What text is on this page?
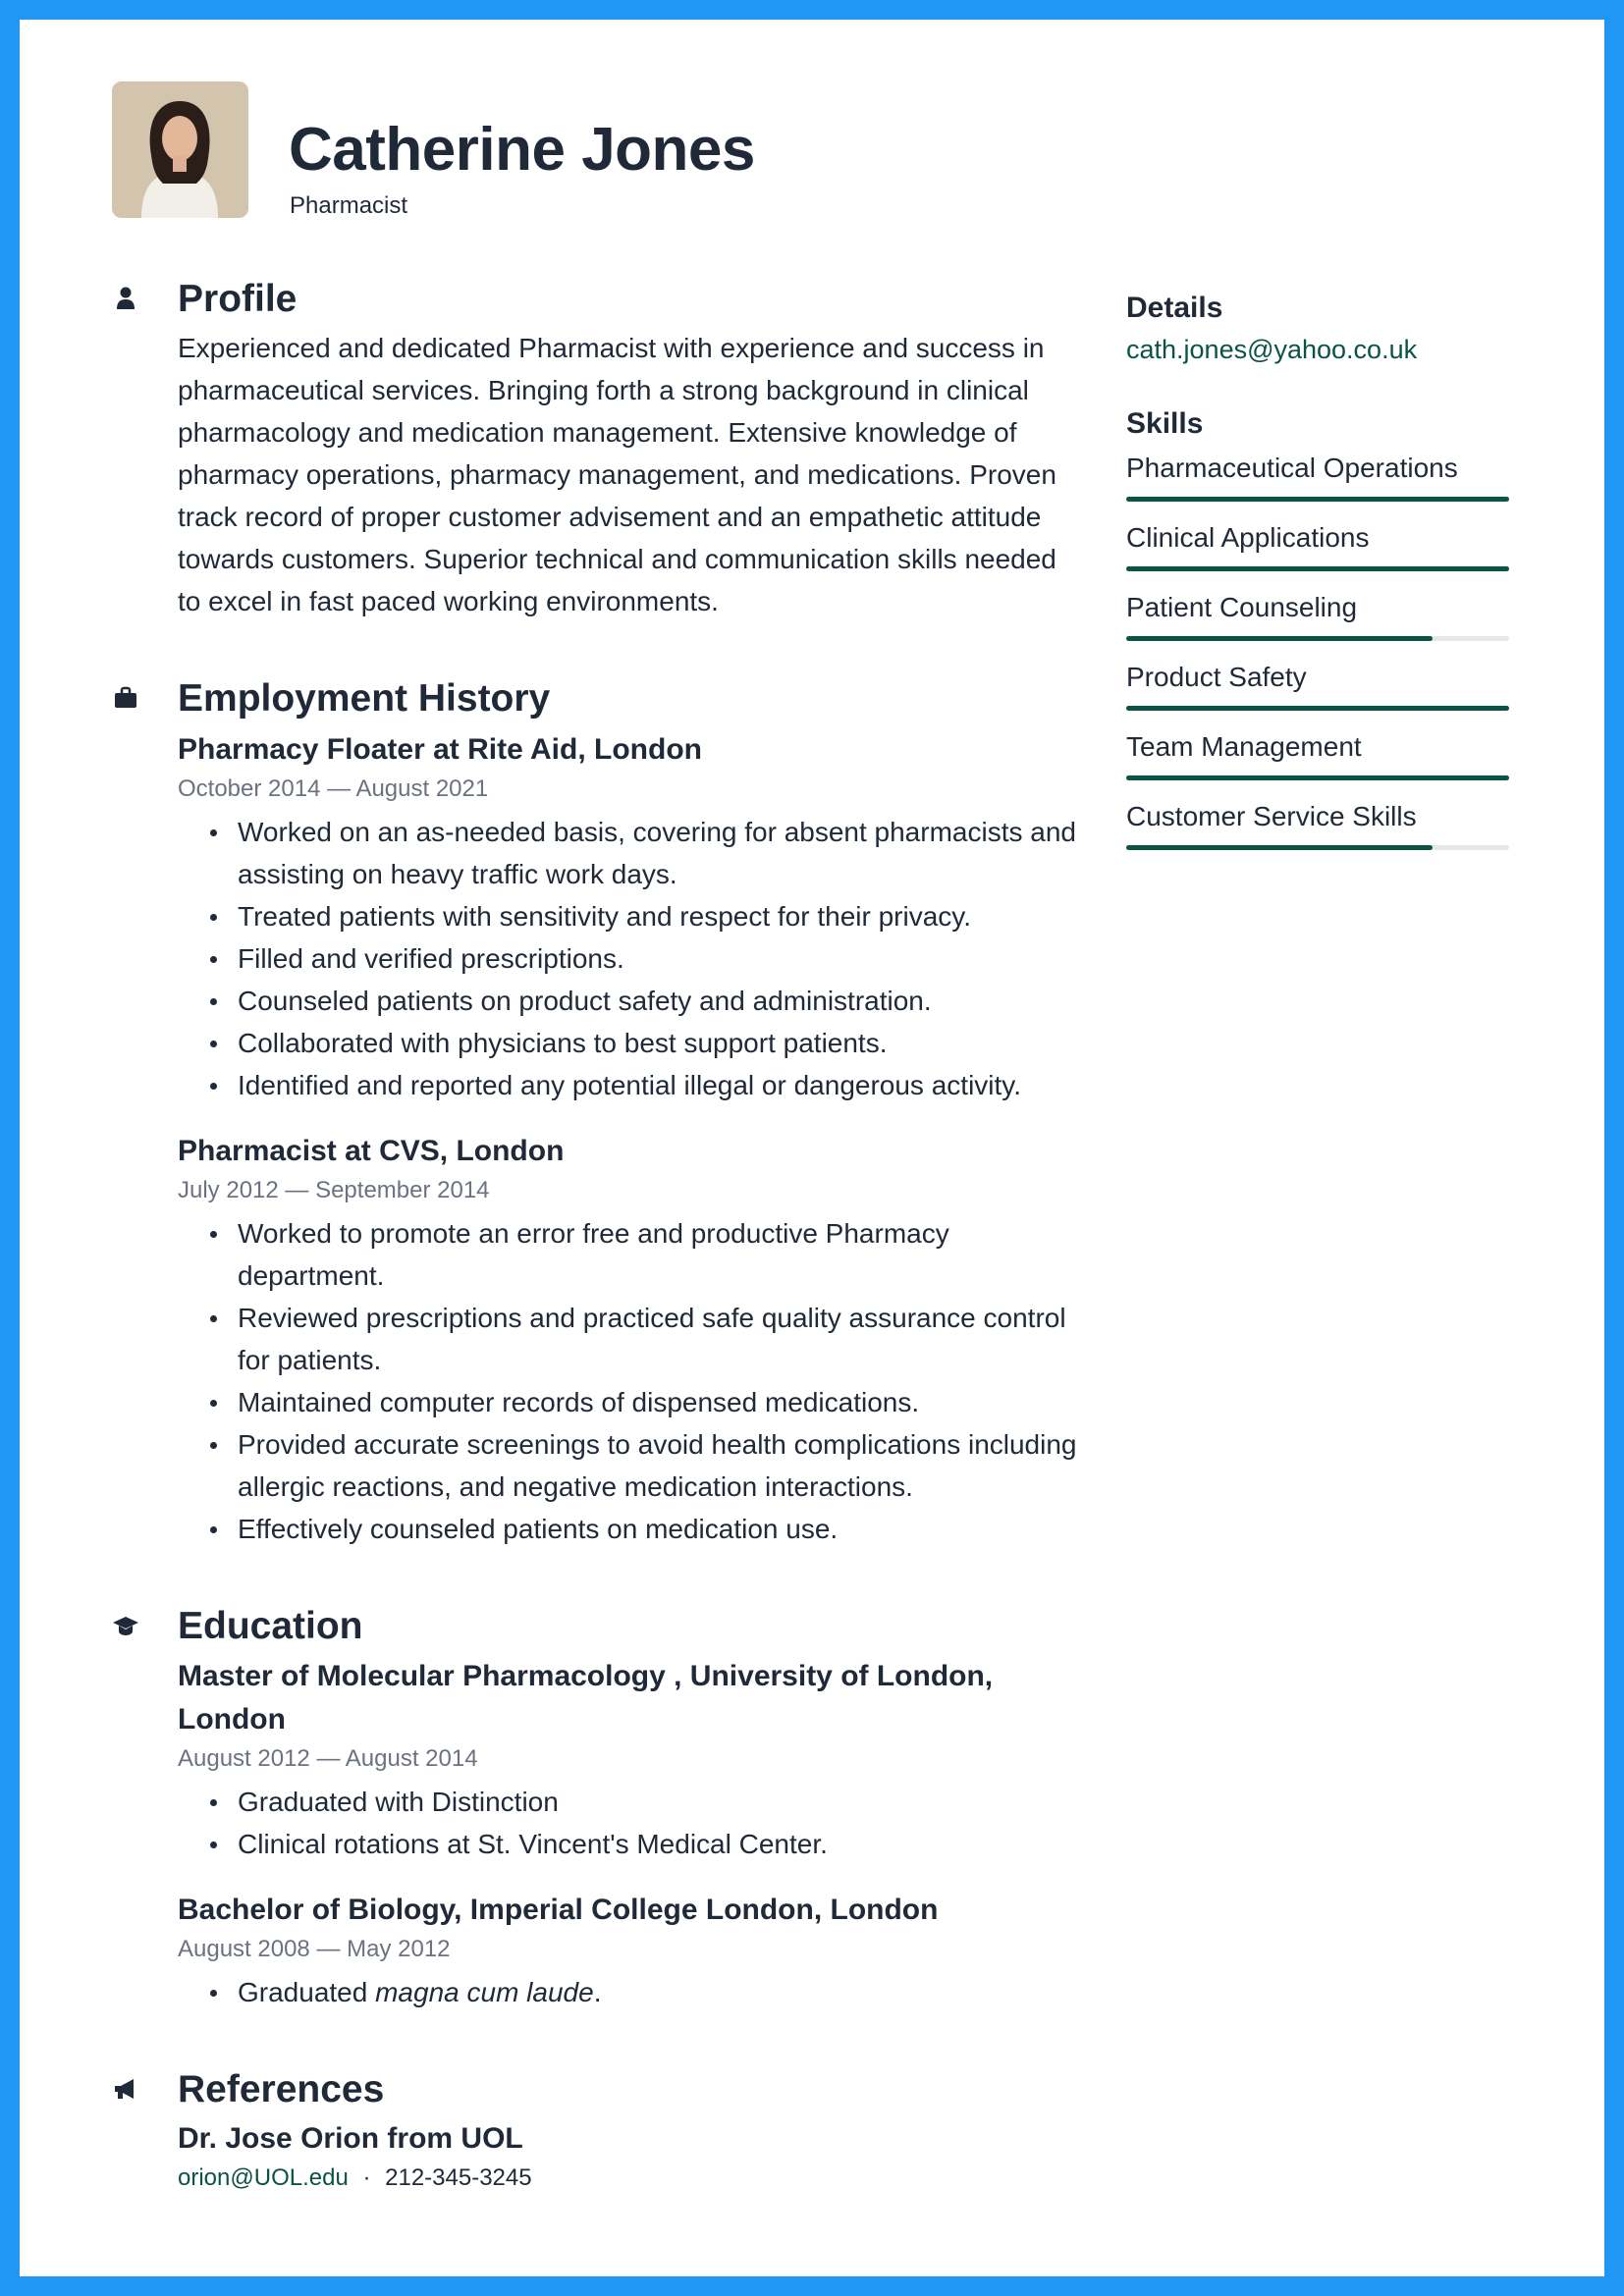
Catherine Jones
Pharmacist
Profile
Experienced and dedicated Pharmacist with experience and success in pharmaceutical services. Bringing forth a strong background in clinical pharmacology and medication management. Extensive knowledge of pharmacy operations, pharmacy management, and medications. Proven track record of proper customer advisement and an empathetic attitude towards customers. Superior technical and communication skills needed to excel in fast paced working environments.
Employment History
Pharmacy Floater at Rite Aid, London
October 2014 — August 2021
Worked on an as-needed basis, covering for absent pharmacists and assisting on heavy traffic work days.
Treated patients with sensitivity and respect for their privacy.
Filled and verified prescriptions.
Counseled patients on product safety and administration.
Collaborated with physicians to best support patients.
Identified and reported any potential illegal or dangerous activity.
Pharmacist at CVS, London
July 2012 — September 2014
Worked to promote an error free and productive Pharmacy department.
Reviewed prescriptions and practiced safe quality assurance control for patients.
Maintained computer records of dispensed medications.
Provided accurate screenings to avoid health complications including allergic reactions, and negative medication interactions.
Effectively counseled patients on medication use.
Education
Master of Molecular Pharmacology , University of London, London
August 2012 — August 2014
Graduated with Distinction
Clinical rotations at St. Vincent's Medical Center.
Bachelor of Biology, Imperial College London, London
August 2008 — May 2012
Graduated magna cum laude.
References
Dr. Jose Orion from UOL
orion@UOL.edu · 212-345-3245
Details
cath.jones@yahoo.co.uk
Skills
Pharmaceutical Operations
Clinical Applications
Patient Counseling
Product Safety
Team Management
Customer Service Skills
